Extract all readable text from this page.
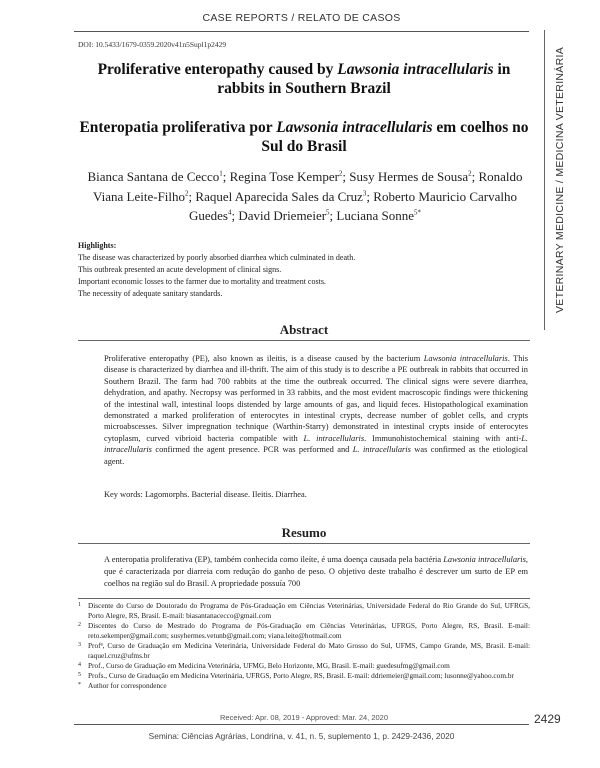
CASE REPORTS / RELATO DE CASOS
VETERINARY MEDICINE / MEDICINA VETERINÁRIA
DOI: 10.5433/1679-0359.2020v41n5Supl1p2429
Proliferative enteropathy caused by Lawsonia intracellularis in rabbits in Southern Brazil
Enteropatia proliferativa por Lawsonia intracellularis em coelhos no Sul do Brasil
Bianca Santana de Cecco$^1$; Regina Tose Kemper$^2$; Susy Hermes de Sousa$^2$; Ronaldo Viana Leite-Filho$^2$; Raquel Aparecida Sales da Cruz$^3$; Roberto Mauricio Carvalho Guedes$^4$; David Driemeier$^5$; Luciana Sonne$^{5*}$
Highlights:
The disease was characterized by poorly absorbed diarrhea which culminated in death.
This outbreak presented an acute development of clinical signs.
Important economic losses to the farmer due to mortality and treatment costs.
The necessity of adequate sanitary standards.
Abstract
Proliferative enteropathy (PE), also known as ileitis, is a disease caused by the bacterium Lawsonia intracellularis. This disease is characterized by diarrhea and ill-thrift. The aim of this study is to describe a PE outbreak in rabbits that occurred in Southern Brazil. The farm had 700 rabbits at the time the outbreak occurred. The clinical signs were severe diarrhea, dehydration, and apathy. Necropsy was performed in 33 rabbits, and the most evident macroscopic findings were thickening of the intestinal wall, intestinal loops distended by large amounts of gas, and liquid feces. Histopathological examination demonstrated a marked proliferation of enterocytes in intestinal crypts, decrease number of goblet cells, and crypts microabscesses. Silver impregnation technique (Warthin-Starry) demonstrated in intestinal crypts inside of enterocytes cytoplasm, curved vibrioid bacteria compatible with L. intracellularis. Immunohistochemical staining with anti-L. intracellularis confirmed the agent presence. PCR was performed and L. intracellularis was confirmed as the etiological agent.
Key words: Lagomorphs. Bacterial disease. Ileitis. Diarrhea.
Resumo
A enteropatia proliferativa (EP), também conhecida como ileíte, é uma doença causada pela bactéria Lawsonia intracellularis, que é caracterizada por diarreia com redução do ganho de peso. O objetivo deste trabalho é descrever um surto de EP em coelhos na região sul do Brasil. A propriedade possuía 700
1 Discente do Curso de Doutorado do Programa de Pós-Graduação em Ciências Veterinárias, Universidade Federal do Rio Grande do Sul, UFRGS, Porto Alegre, RS, Brasil. E-mail: biasantanacecco@gmail.com
2 Discentes do Curso de Mestrado do Programa de Pós-Graduação em Ciências Veterinárias, UFRGS, Porto Alegre, RS, Brasil. E-mail: reto.sekemper@gmail.com; susyhermes.vetunb@gmail.com; viana.leite@hotmail.com
3 Profª, Curso de Graduação em Medicina Veterinária, Universidade Federal do Mato Grosso do Sul, UFMS, Campo Grande, MS, Brasil. E-mail: raquel.cruz@ufms.br
4 Prof., Curso de Graduação em Medicina Veterinária, UFMG, Belo Horizonte, MG, Brasil. E-mail: guedesufmg@gmail.com
5 Profs., Curso de Graduação em Medicina Veterinária, UFRGS, Porto Alegre, RS, Brasil. E-mail: ddriemeier@gmail.com; lusonne@yahoo.com.br
* Author for correspondence
Received: Apr. 08, 2019 - Approved: Mar. 24, 2020	2429
Semina: Ciências Agrárias, Londrina, v. 41, n. 5, suplemento 1, p. 2429-2436, 2020
